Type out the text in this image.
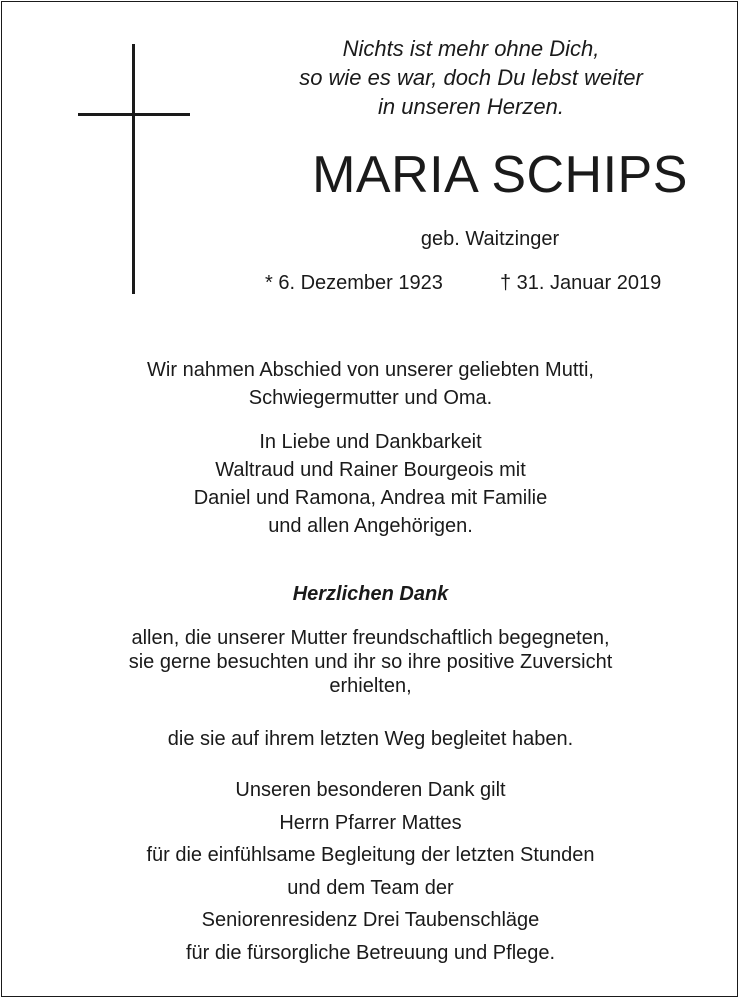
Nichts ist mehr ohne Dich,
so wie es war, doch Du lebst weiter
in unseren Herzen.
MARIA SCHIPS
geb. Waitzinger
* 6. Dezember 1923	† 31. Januar 2019
Wir nahmen Abschied von unserer geliebten Mutti,
Schwiegermutter und Oma.
In Liebe und Dankbarkeit
Waltraud und Rainer Bourgeois mit
Daniel und Ramona, Andrea mit Familie
und allen Angehörigen.
Herzlichen Dank
allen, die unserer Mutter freundschaftlich begegneten,
sie gerne besuchten und ihr so ihre positive Zuversicht
erhielten,
die sie auf ihrem letzten Weg begleitet haben.
Unseren besonderen Dank gilt
Herrn Pfarrer Mattes
für die einfühlsame Begleitung der letzten Stunden
und dem Team der
Seniorenresidenz Drei Taubenschläge
für die fürsorgliche Betreuung und Pflege.
